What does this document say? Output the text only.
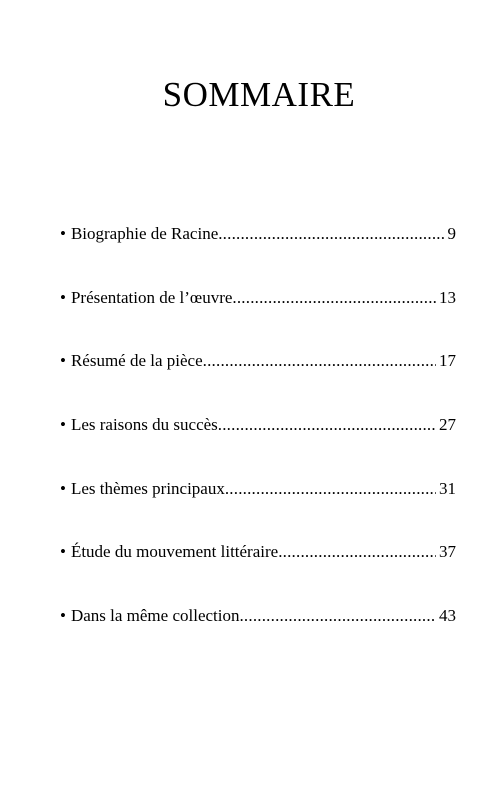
SOMMAIRE
• Biographie de Racine .....	9
• Présentation de l’œuvre .....	13
• Résumé de la pièce .....	17
• Les raisons du succès .....	27
• Les thèmes principaux .....	31
• Étude du mouvement littéraire .....	37
• Dans la même collection .....	43
